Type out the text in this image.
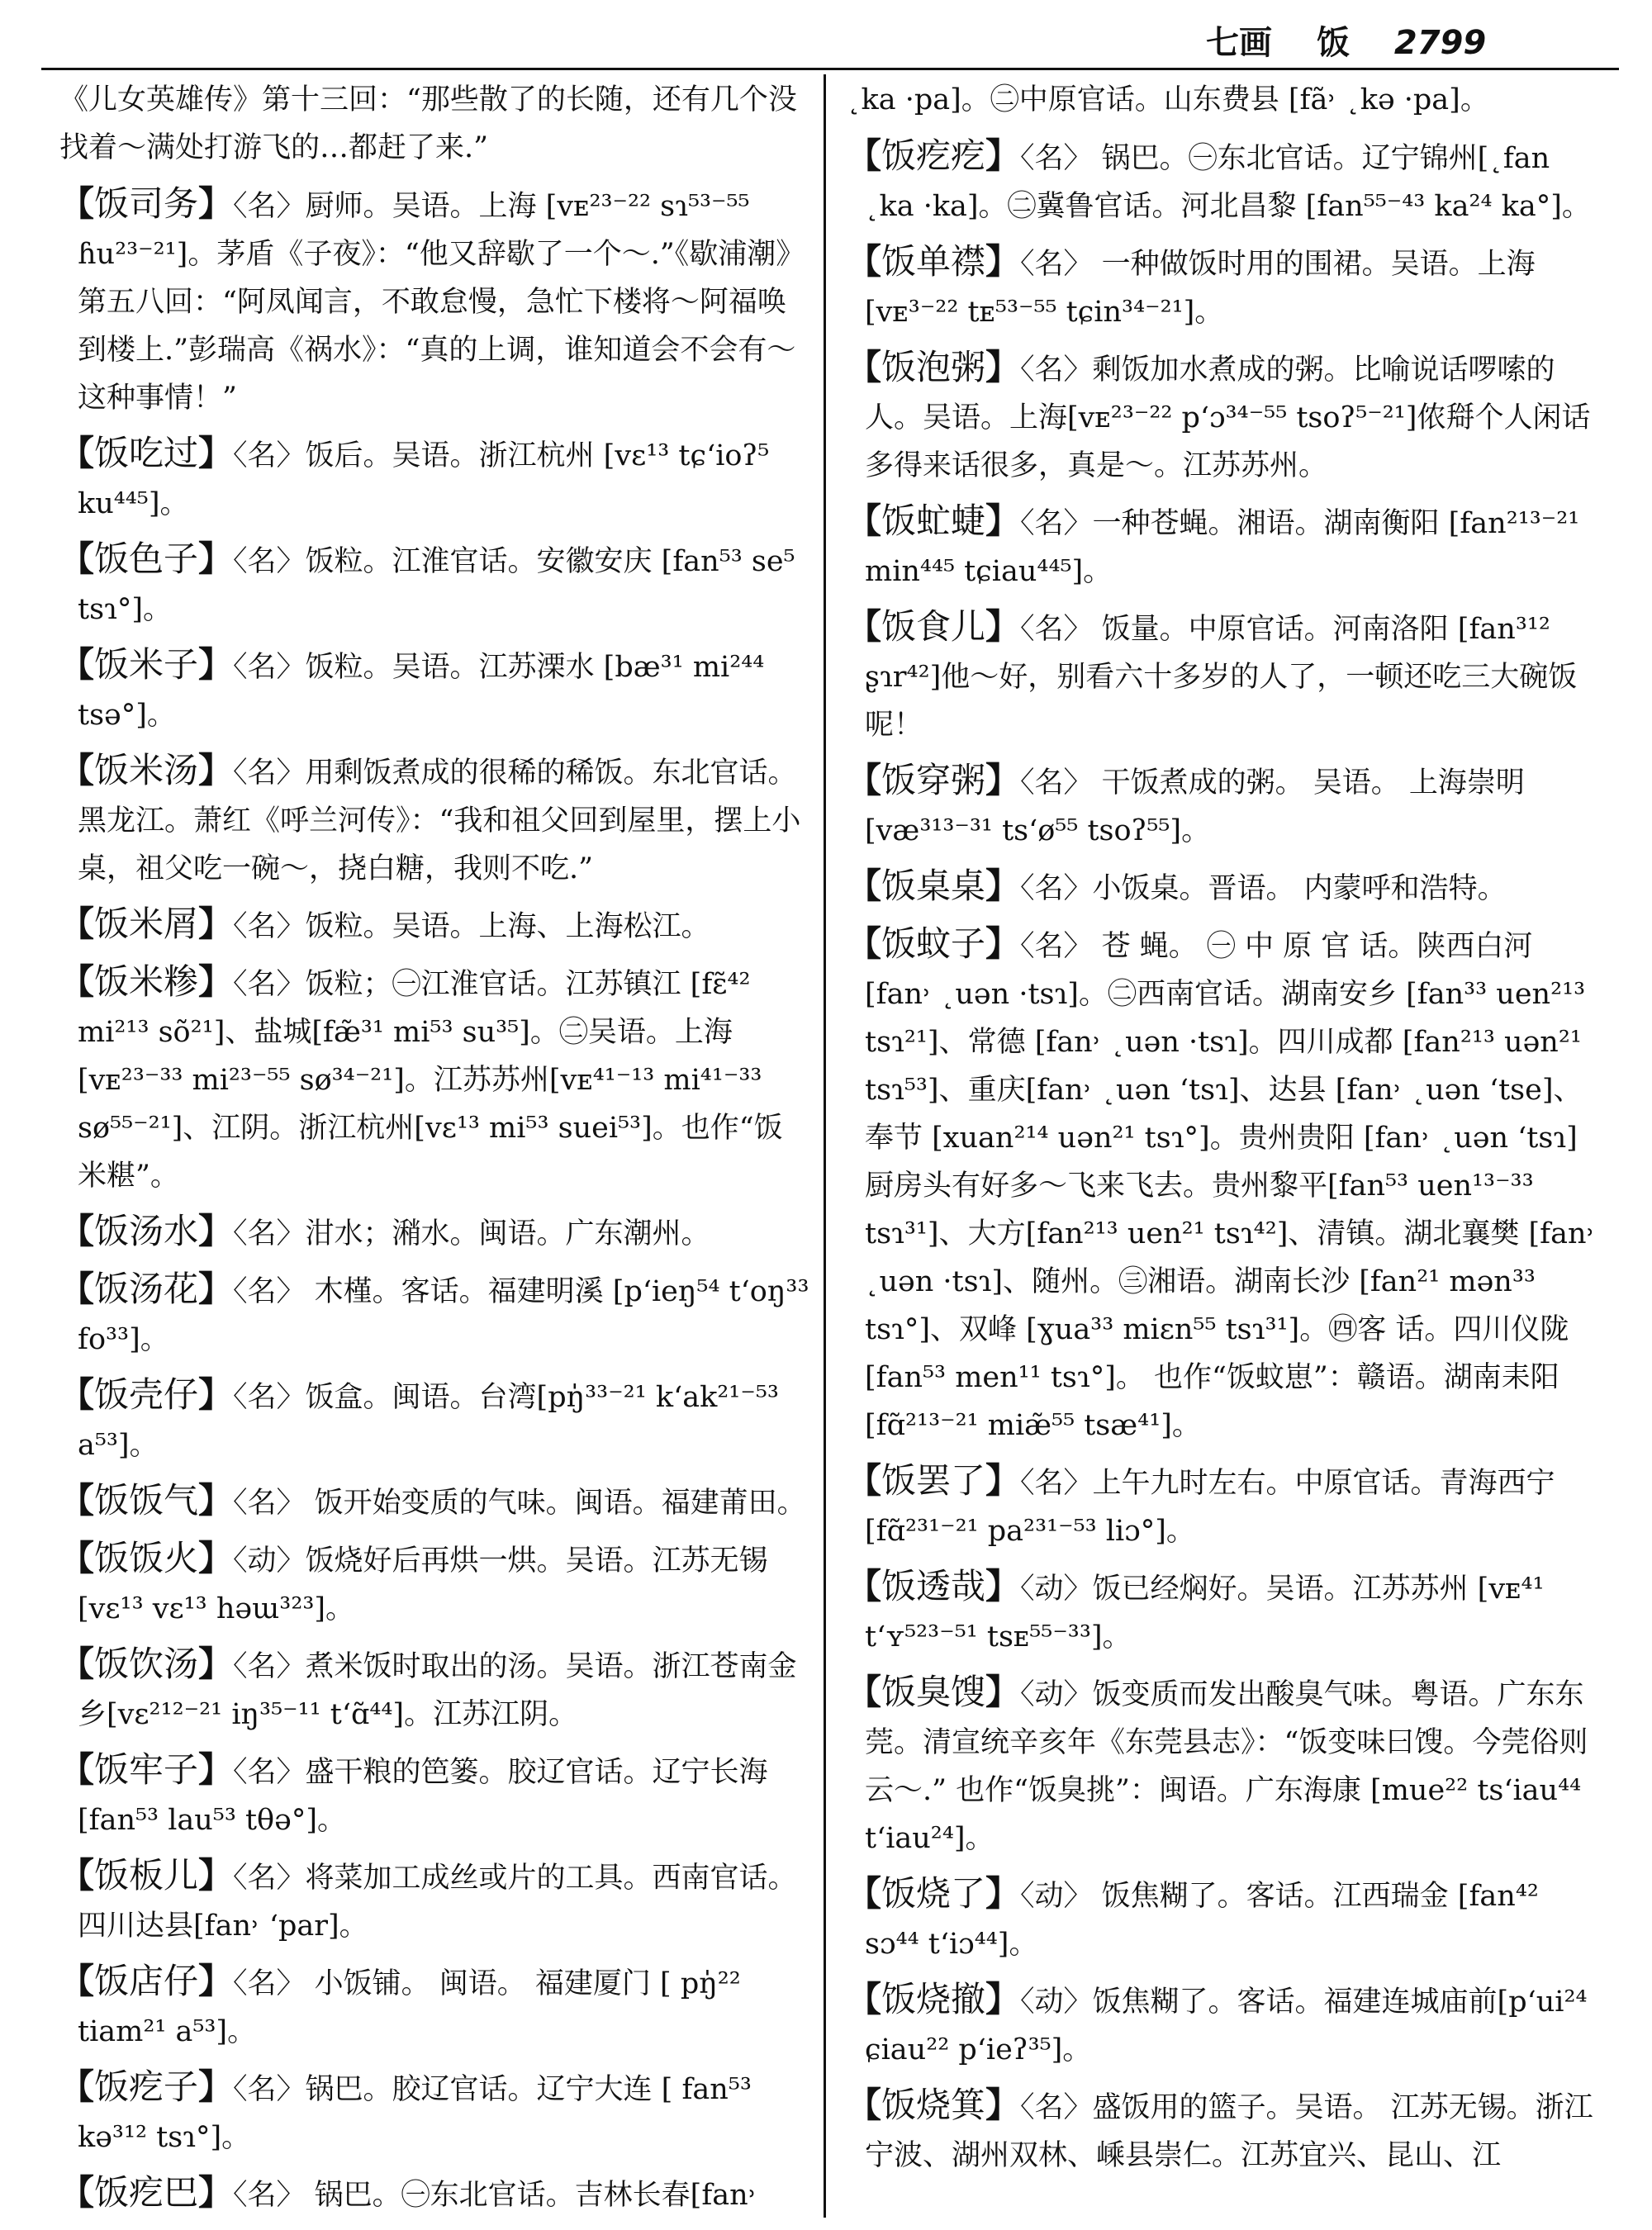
七画 饭 2799

《儿女英雄传》第十三回：“那些散了的长随，还有几个没找着～满处打游飞的…都赶了来.”

【饭司务】〈名〉厨师。吴语。上海 [vᴇ²³⁻²² sɿ⁵³⁻⁵⁵ ɦu²³⁻²¹]。茅盾《子夜》：“他又辞歇了一个～.”《歇浦潮》第五八回：“阿凤闻言，不敢怠慢，急忙下楼将～阿福唤到楼上.”彭瑞高《祸水》：“真的上调，谁知道会不会有～这种事情！”

【饭吃过】〈名〉饭后。吴语。浙江杭州 [vɛ¹³ tɕʻioʔ⁵ ku⁴⁴⁵]。

【饭色子】〈名〉饭粒。江淮官话。安徽安庆 [fan⁵³ se⁵ tsɿ°]。

【饭米子】〈名〉饭粒。吴语。江苏溧水 [bæ³¹ mi²⁴⁴ tsə°]。

【饭米汤】〈名〉用剩饭煮成的很稀的稀饭。东北官话。黑龙江。萧红《呼兰河传》：“我和祖父回到屋里，摆上小桌，祖父吃一碗～，挠白糖，我则不吃.”

【饭米屑】〈名〉饭粒。吴语。上海、上海松江。

【饭米糁】〈名〉饭粒；㊀江淮官话。江苏镇江 [fɛ̃⁴² mi²¹³ sõ²¹]、盐城[fæ̃³¹ mi⁵³ su³⁵]。㊁吴语。上海 [vᴇ²³⁻³³ mi²³⁻⁵⁵ sø³⁴⁻²¹]。江苏苏州[vᴇ⁴¹⁻¹³ mi⁴¹⁻³³ sø⁵⁵⁻²¹]、江阴。浙江杭州[vɛ¹³ mi⁵³ suei⁵³]。也作“饭米糂”。

【饭汤水】〈名〉泔水；潲水。闽语。广东潮州。

【饭汤花】〈名〉 木槿。客话。福建明溪 [pʻieŋ⁵⁴ tʻoŋ³³ fo³³]。

【饭壳仔】〈名〉饭盒。闽语。台湾[pŋ̍³³⁻²¹ kʻak²¹⁻⁵³ a⁵³]。

【饭饭气】〈名〉 饭开始变质的气味。闽语。福建莆田。

【饭饭火】〈动〉饭烧好后再烘一烘。吴语。江苏无锡 [vɛ¹³ vɛ¹³ həɯ³²³]。

【饭饮汤】〈名〉煮米饭时取出的汤。吴语。浙江苍南金乡[vɛ²¹²⁻²¹ iŋ³⁵⁻¹¹ tʻɑ̃⁴⁴]。江苏江阴。

【饭牢子】〈名〉盛干粮的笆篓。胶辽官话。辽宁长海 [fan⁵³ lau⁵³ tθə°]。

【饭板儿】〈名〉将菜加工成丝或片的工具。西南官话。四川达县[fan˒ ʻpar]。

【饭店仔】〈名〉 小饭铺。 闽语。 福建厦门 [ pŋ̍²² tiam²¹ a⁵³]。

【饭疙子】〈名〉锅巴。胶辽官话。辽宁大连 [ fan⁵³ kə³¹² tsɿ°]。

【饭疙巴】〈名〉 锅巴。㊀东北官话。吉林长春[fan˒

˛ka ·pa]。㊁中原官话。山东费县 [fã˒ ˛kə ·pa]。

【饭疙疙】〈名〉 锅巴。㊀东北官话。辽宁锦州[˛fan ˛ka ·ka]。㊁冀鲁官话。河北昌黎 [fan⁵⁵⁻⁴³ ka²⁴ ka°]。

【饭单襟】〈名〉 一种做饭时用的围裙。吴语。上海 [vᴇ³⁻²² tᴇ⁵³⁻⁵⁵ tɕin³⁴⁻²¹]。

【饭泡粥】〈名〉剩饭加水煮成的粥。比喻说话啰嗦的人。吴语。上海[vᴇ²³⁻²² pʻɔ³⁴⁻⁵⁵ tsoʔ⁵⁻²¹]侬搿个人闲话多得来话很多，真是～。江苏苏州。

【饭虻蜨】〈名〉一种苍蝇。湘语。湖南衡阳 [fan²¹³⁻²¹ min⁴⁴⁵ tɕiau⁴⁴⁵]。

【饭食儿】〈名〉 饭量。中原官话。河南洛阳 [fan³¹² ʂɿr⁴²]他～好，别看六十多岁的人了，一顿还吃三大碗饭呢！

【饭穿粥】〈名〉 干饭煮成的粥。 吴语。 上海崇明 [væ³¹³⁻³¹ tsʻø⁵⁵ tsoʔ⁵⁵]。

【饭桌桌】〈名〉小饭桌。晋语。 内蒙呼和浩特。

【饭蚊子】〈名〉 苍 蝇。 ㊀ 中 原 官 话。陕西白河 [fan˒ ˛uən ·tsɿ]。㊁西南官话。湖南安乡 [fan³³ uen²¹³ tsɿ²¹]、常德 [fan˒ ˛uən ·tsɿ]。四川成都 [fan²¹³ uən²¹ tsɿ⁵³]、重庆[fan˒ ˛uən ʻtsɿ]、达县 [fan˒ ˛uən ʻtse]、奉节 [xuan²¹⁴ uən²¹ tsɿ°]。贵州贵阳 [fan˒ ˛uən ʻtsɿ]厨房头有好多～飞来飞去。贵州黎平[fan⁵³ uen¹³⁻³³ tsɿ³¹]、大方[fan²¹³ uen²¹ tsɿ⁴²]、清镇。湖北襄樊 [fan˒ ˛uən ·tsɿ]、随州。㊂湘语。湖南长沙 [fan²¹ mən³³ tsɿ°]、双峰 [ɣua³³ miɛn⁵⁵ tsɿ³¹]。㊃客 话。四川仪陇[fan⁵³ men¹¹ tsɿ°]。 也作“饭蚊崽”：赣语。湖南耒阳[fɑ̃²¹³⁻²¹ miæ̃⁵⁵ tsæ⁴¹]。

【饭罢了】〈名〉上午九时左右。中原官话。青海西宁 [fɑ̃²³¹⁻²¹ pa²³¹⁻⁵³ liɔ°]。

【饭透哉】〈动〉饭已经焖好。吴语。江苏苏州 [vᴇ⁴¹ tʻʏ⁵²³⁻⁵¹ tsᴇ⁵⁵⁻³³]。

【饭臭馊】〈动〉饭变质而发出酸臭气味。粤语。广东东莞。清宣统辛亥年《东莞县志》：“饭变味曰馊。今莞俗则云～.” 也作“饭臭挑”：闽语。广东海康 [mue²² tsʻiau⁴⁴ tʻiau²⁴]。

【饭烧了】〈动〉 饭焦糊了。客话。江西瑞金 [fan⁴² sɔ⁴⁴ tʻiɔ⁴⁴]。

【饭烧撤】〈动〉饭焦糊了。客话。福建连城庙前[pʻui²⁴ ɕiau²² pʻieʔ³⁵]。

【饭烧箕】〈名〉盛饭用的篮子。吴语。 江苏无锡。浙江宁波、湖州双林、嵊县崇仁。江苏宜兴、昆山、江
